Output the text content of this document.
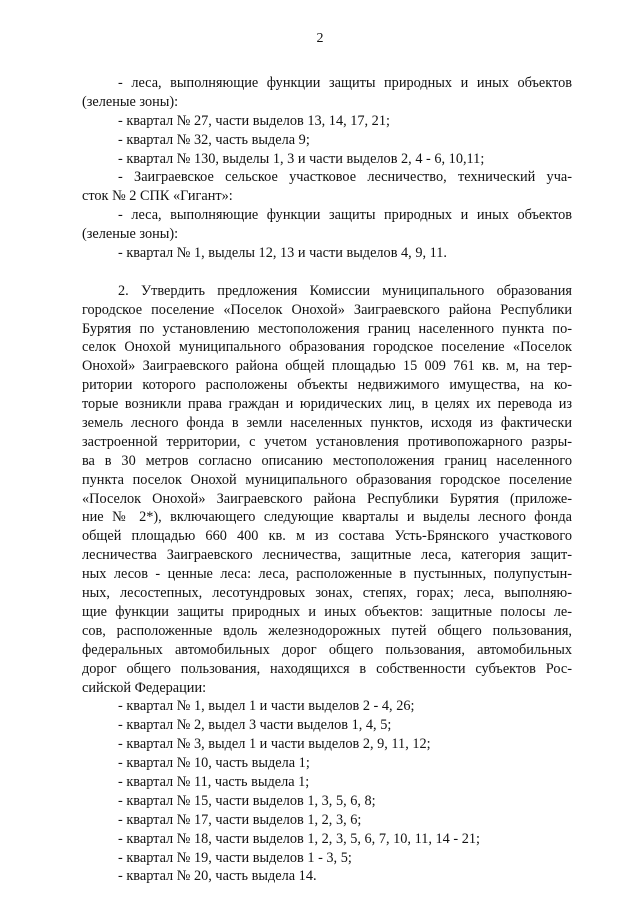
2
- леса, выполняющие функции защиты природных и иных объектов
(зеленые зоны):
- квартал № 27, части выделов 13, 14, 17, 21;
- квартал № 32, часть выдела 9;
- квартал № 130, выделы 1, 3 и части выделов 2, 4 - 6, 10,11;
- Заиграевское сельское участковое лесничество, технический уча-
сток № 2 СПК «Гигант»:
- леса, выполняющие функции защиты природных и иных объектов
(зеленые зоны):
- квартал № 1, выделы 12, 13 и части выделов 4, 9, 11.
2. Утвердить предложения Комиссии муниципального образования
городское поселение «Поселок Онохой» Заиграевского района Республики
Бурятия по установлению местоположения границ населенного пункта по-
селок Онохой муниципального образования городское поселение «Поселок
Онохой» Заиграевского района общей площадью 15 009 761 кв. м, на тер-
ритории которого расположены объекты недвижимого имущества, на ко-
торые возникли права граждан и юридических лиц, в целях их перевода из
земель лесного фонда в земли населенных пунктов, исходя из фактически
застроенной территории, с учетом установления противопожарного разры-
ва в 30 метров согласно описанию местоположения границ населенного
пункта поселок Онохой муниципального образования городское поселение
«Поселок Онохой» Заиграевского района Республики Бурятия (приложе-
ние № 2*), включающего следующие кварталы и выделы лесного фонда
общей площадью 660 400 кв. м из состава Усть-Брянского участкового
лесничества Заиграевского лесничества, защитные леса, категория защит-
ных лесов - ценные леса: леса, расположенные в пустынных, полупустын-
ных, лесостепных, лесотундровых зонах, степях, горах; леса, выполняю-
щие функции защиты природных и иных объектов: защитные полосы ле-
сов, расположенные вдоль железнодорожных путей общего пользования,
федеральных автомобильных дорог общего пользования, автомобильных
дорог общего пользования, находящихся в собственности субъектов Рос-
сийской Федерации:
- квартал № 1, выдел 1 и части выделов 2 - 4, 26;
- квартал № 2, выдел 3 части выделов 1, 4, 5;
- квартал № 3, выдел 1 и части выделов 2, 9, 11, 12;
- квартал № 10, часть выдела 1;
- квартал № 11, часть выдела 1;
- квартал № 15, части выделов 1, 3, 5, 6, 8;
- квартал № 17, части выделов 1, 2, 3, 6;
- квартал № 18, части выделов 1, 2, 3, 5, 6, 7, 10, 11, 14 - 21;
- квартал № 19, части выделов 1 - 3, 5;
- квартал № 20, часть выдела 14.
